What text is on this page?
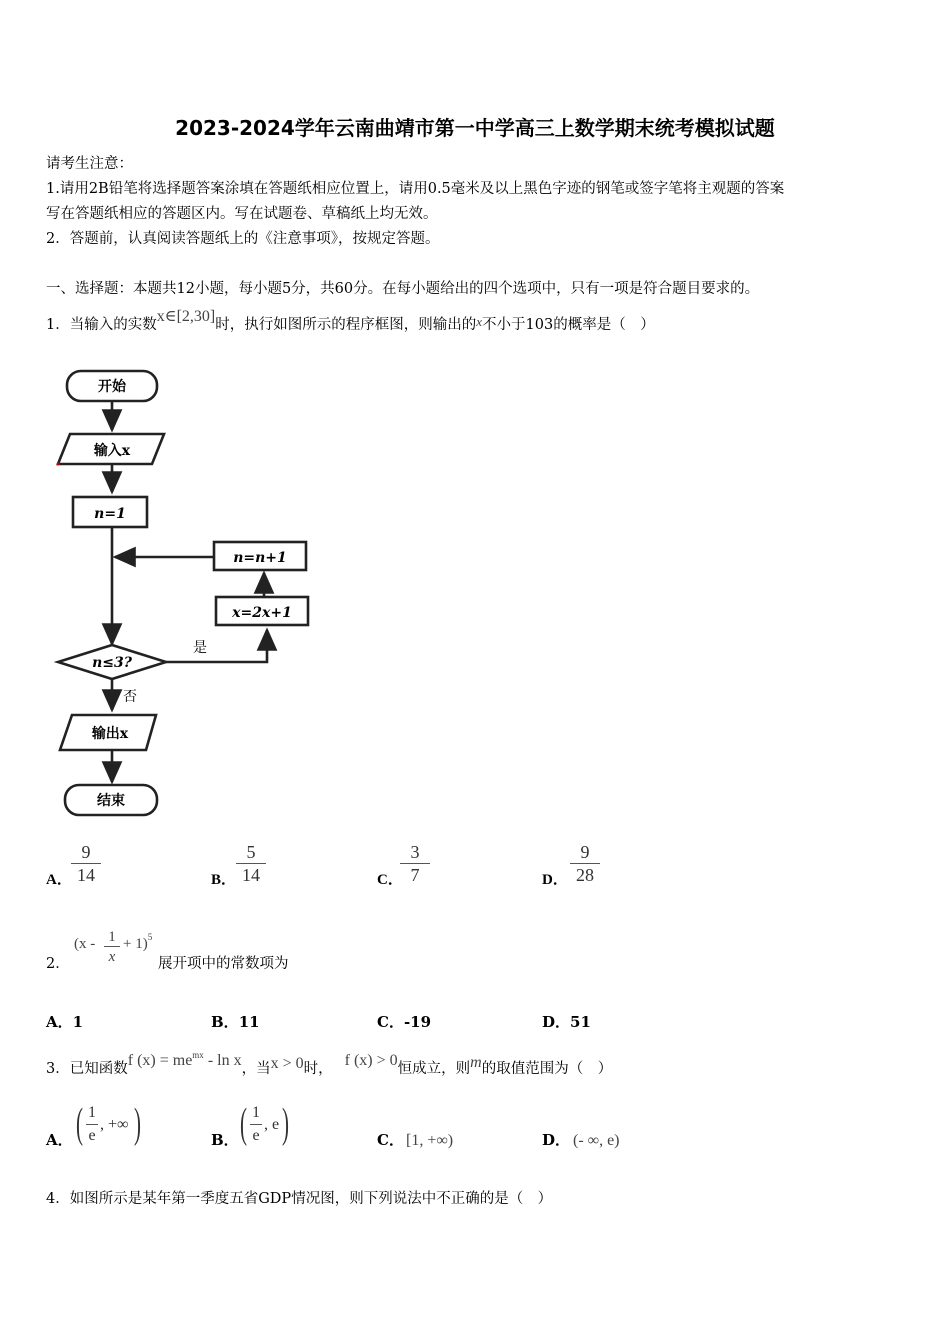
2023-2024学年云南曲靖市第一中学高三上数学期末统考模拟试题
请考生注意：
1.请用2B铅笔将选择题答案涂填在答题纸相应位置上，请用0.5毫米及以上黑色字迹的钢笔或签字笔将主观题的答案
写在答题纸相应的答题区内。写在试题卷、草稿纸上均无效。
2．答题前，认真阅读答题纸上的《注意事项》，按规定答题。
一、选择题：本题共12小题，每小题5分，共60分。在每小题给出的四个选项中，只有一项是符合题目要求的。
1．当输入的实数x∈[2,30]时，执行如图所示的程序框图，则输出的x不小于103的概率是（　）
开始
输入x
n=1
n=n+1
x=2x+1
n≤3?
是
否
输出x
结束
A． $\frac{9}{14}$	B． $\frac{5}{14}$	C．
$\frac{3}{7}$	D． $\frac{9}{28}$
2．
$(x - \frac{1}{x} + 1)^5$
展开项中的常数项为
A．1	B．11	C．-19	D．51
3．已知函数f $(x) = me^{mx} - \ln x$，当x > 0时， f (x) > 0恒成立，则m的取值范围为（　）
A． ( $\frac{1}{e}$ , +∞ )	B． ( $\frac{1}{e}$ , e )	C． [1, +∞)	D． (- ∞, e)
4．如图所示是某年第一季度五省GDP情况图，则下列说法中不正确的是（　）
